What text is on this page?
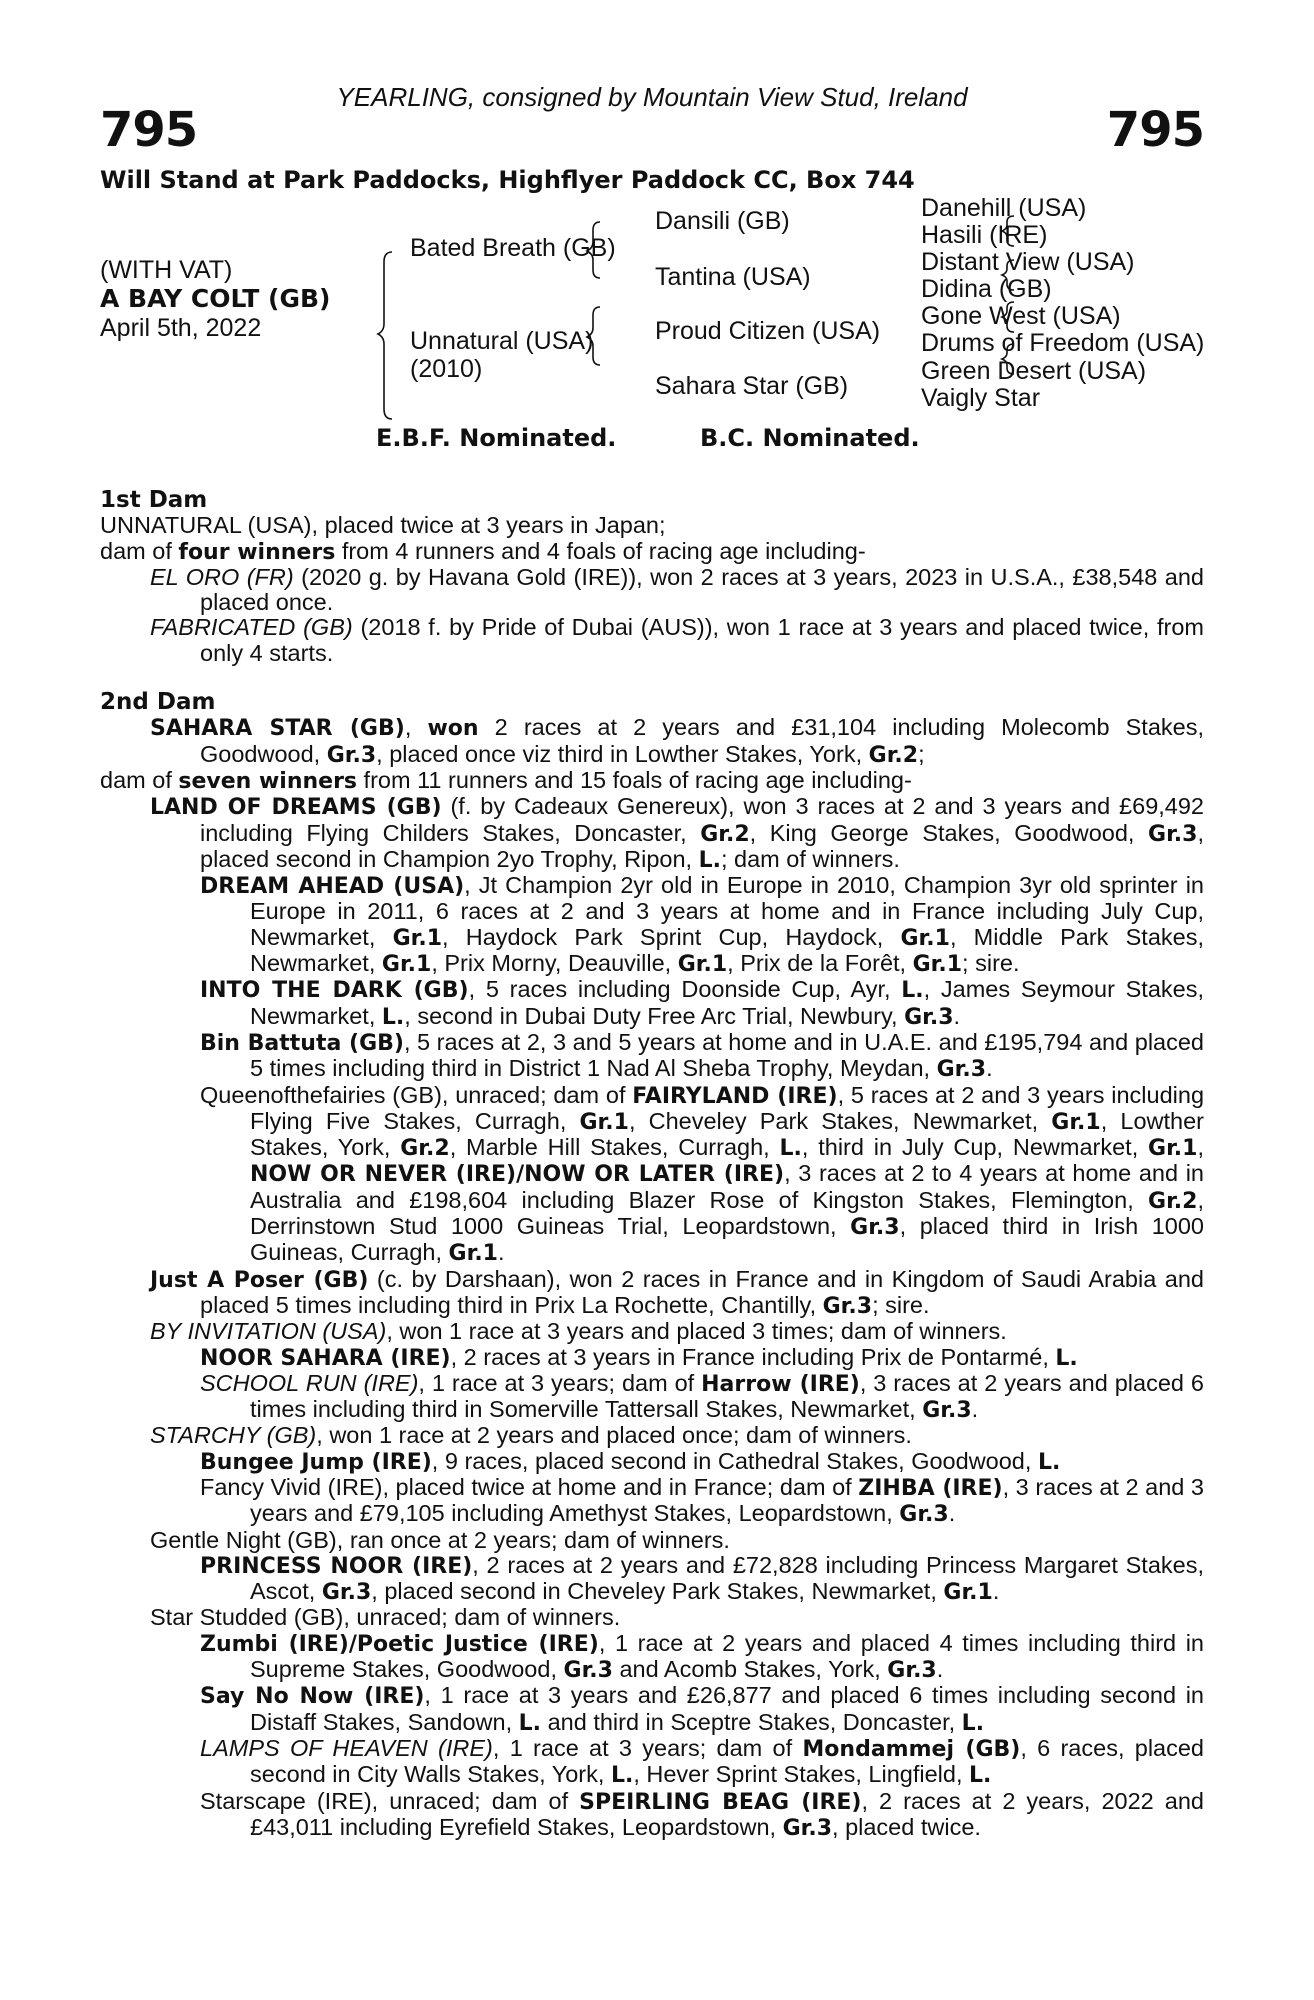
YEARLING, consigned by Mountain View Stud, Ireland
795	795
Will Stand at Park Paddocks, Highflyer Paddock CC, Box 744
(WITH VAT)
A BAY COLT (GB)
April 5th, 2022
Bated Breath (GB)
Unnatural (USA)
(2010)
Dansili (GB)
Tantina (USA)
Proud Citizen (USA)
Sahara Star (GB)
Danehill (USA)
Hasili (IRE)
Distant View (USA)
Didina (GB)
Gone West (USA)
Drums of Freedom (USA)
Green Desert (USA)
Vaigly Star
E.B.F. Nominated.	B.C. Nominated.
1st Dam
UNNATURAL (USA), placed twice at 3 years in Japan;
dam of four winners from 4 runners and 4 foals of racing age including-
EL ORO (FR) (2020 g. by Havana Gold (IRE)), won 2 races at 3 years, 2023 in U.S.A., £38,548 and placed once.
FABRICATED (GB) (2018 f. by Pride of Dubai (AUS)), won 1 race at 3 years and placed twice, from only 4 starts.
2nd Dam
SAHARA STAR (GB), won 2 races at 2 years and £31,104 including Molecomb Stakes, Goodwood, Gr.3, placed once viz third in Lowther Stakes, York, Gr.2;
dam of seven winners from 11 runners and 15 foals of racing age including-
LAND OF DREAMS (GB) (f. by Cadeaux Genereux), won 3 races at 2 and 3 years and £69,492 including Flying Childers Stakes, Doncaster, Gr.2, King George Stakes, Goodwood, Gr.3, placed second in Champion 2yo Trophy, Ripon, L.; dam of winners.
DREAM AHEAD (USA), Jt Champion 2yr old in Europe in 2010, Champion 3yr old sprinter in Europe in 2011, 6 races at 2 and 3 years at home and in France including July Cup, Newmarket, Gr.1, Haydock Park Sprint Cup, Haydock, Gr.1, Middle Park Stakes, Newmarket, Gr.1, Prix Morny, Deauville, Gr.1, Prix de la Forêt, Gr.1; sire.
INTO THE DARK (GB), 5 races including Doonside Cup, Ayr, L., James Seymour Stakes, Newmarket, L., second in Dubai Duty Free Arc Trial, Newbury, Gr.3.
Bin Battuta (GB), 5 races at 2, 3 and 5 years at home and in U.A.E. and £195,794 and placed 5 times including third in District 1 Nad Al Sheba Trophy, Meydan, Gr.3.
Queenofthefairies (GB), unraced; dam of FAIRYLAND (IRE), 5 races at 2 and 3 years including Flying Five Stakes, Curragh, Gr.1, Cheveley Park Stakes, Newmarket, Gr.1, Lowther Stakes, York, Gr.2, Marble Hill Stakes, Curragh, L., third in July Cup, Newmarket, Gr.1, NOW OR NEVER (IRE)/NOW OR LATER (IRE), 3 races at 2 to 4 years at home and in Australia and £198,604 including Blazer Rose of Kingston Stakes, Flemington, Gr.2, Derrinstown Stud 1000 Guineas Trial, Leopardstown, Gr.3, placed third in Irish 1000 Guineas, Curragh, Gr.1.
Just A Poser (GB) (c. by Darshaan), won 2 races in France and in Kingdom of Saudi Arabia and placed 5 times including third in Prix La Rochette, Chantilly, Gr.3; sire.
BY INVITATION (USA), won 1 race at 3 years and placed 3 times; dam of winners.
NOOR SAHARA (IRE), 2 races at 3 years in France including Prix de Pontarmé, L.
SCHOOL RUN (IRE), 1 race at 3 years; dam of Harrow (IRE), 3 races at 2 years and placed 6 times including third in Somerville Tattersall Stakes, Newmarket, Gr.3.
STARCHY (GB), won 1 race at 2 years and placed once; dam of winners.
Bungee Jump (IRE), 9 races, placed second in Cathedral Stakes, Goodwood, L.
Fancy Vivid (IRE), placed twice at home and in France; dam of ZIHBA (IRE), 3 races at 2 and 3 years and £79,105 including Amethyst Stakes, Leopardstown, Gr.3.
Gentle Night (GB), ran once at 2 years; dam of winners.
PRINCESS NOOR (IRE), 2 races at 2 years and £72,828 including Princess Margaret Stakes, Ascot, Gr.3, placed second in Cheveley Park Stakes, Newmarket, Gr.1.
Star Studded (GB), unraced; dam of winners.
Zumbi (IRE)/Poetic Justice (IRE), 1 race at 2 years and placed 4 times including third in Supreme Stakes, Goodwood, Gr.3 and Acomb Stakes, York, Gr.3.
Say No Now (IRE), 1 race at 3 years and £26,877 and placed 6 times including second in Distaff Stakes, Sandown, L. and third in Sceptre Stakes, Doncaster, L.
LAMPS OF HEAVEN (IRE), 1 race at 3 years; dam of Mondammej (GB), 6 races, placed second in City Walls Stakes, York, L., Hever Sprint Stakes, Lingfield, L.
Starscape (IRE), unraced; dam of SPEIRLING BEAG (IRE), 2 races at 2 years, 2022 and £43,011 including Eyrefield Stakes, Leopardstown, Gr.3, placed twice.
